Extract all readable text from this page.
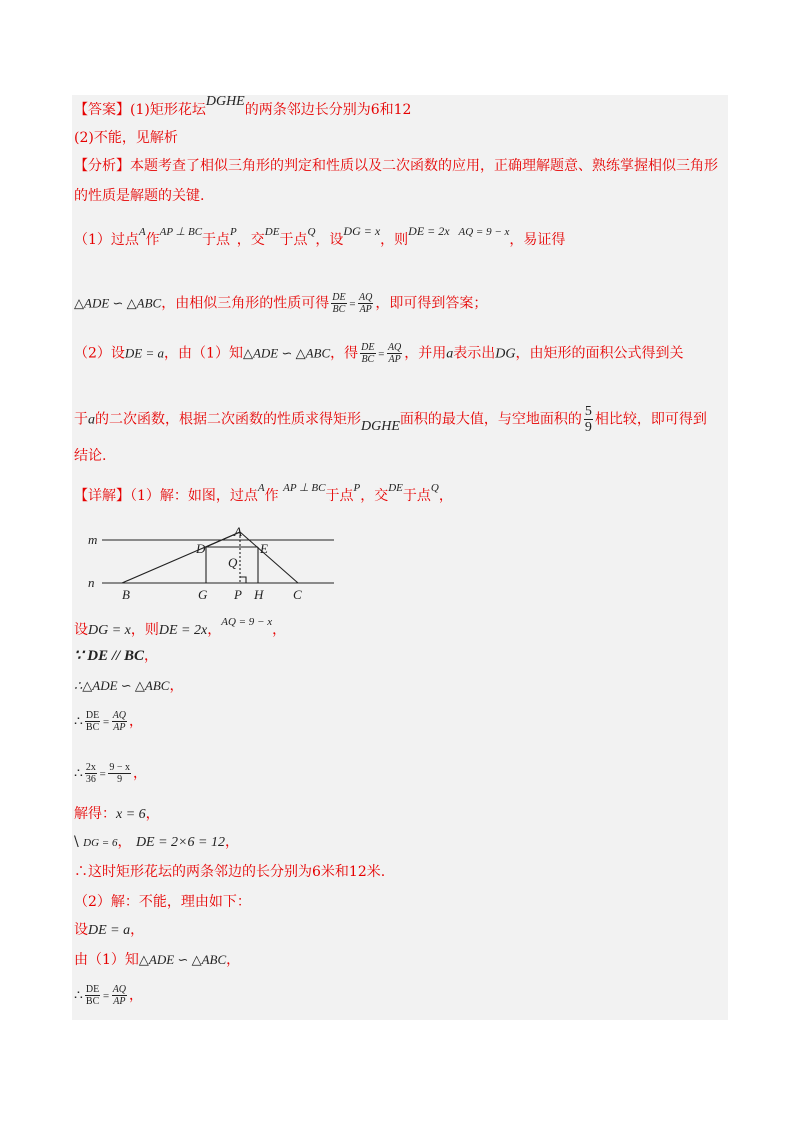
【答案】(1)矩形花坛DGHE的两条邻边长分别为6和12
(2)不能，见解析
【分析】本题考查了相似三角形的判定和性质以及二次函数的应用，正确理解题意、熟练掌握相似三角形
的性质是解题的关键.
（1）过点$^A$作$^{AP \perp BC}$于点$^P$，交$^{DE}$于点$^Q$，设DG = x，则DE = 2x $^{AQ = 9 - x}$，易证得
△ADE ∽ △ABC，由相似三角形的性质可得 $\frac{DE}{BC} = \frac{AQ}{AP}$ ，即可得到答案；
（2）设DE = a，由（1）知△ADE ∽ △ABC，得 $\frac{DE}{BC} = \frac{AQ}{AP}$ ，并用a表示出DG，由矩形的面积公式得到关
于a的二次函数，根据二次函数的性质求得矩形DGHE面积的最大值，与空地面积的 $\frac{5}{9}$ 相比较，即可得到
结论.
【详解】（1）解：如图，过点$^A$作 $^{AP \perp BC}$于点$^P$，交$^{DE}$于点$^Q$，
m
n
A
D	E
Q
B	G P H C
设DG = x，则DE = 2x，$^{AQ = 9 - x}$，
∵ DE // BC，
∴△ADE ∽ △ABC，
∴ $\frac{DE}{BC} = \frac{AQ}{AP}$ ，
∴ $\frac{2x}{36} = \frac{9 - x}{9}$ ，
解得：x = 6，
\ DG = 6， DE = 2×6 = 12，
∴这时矩形花坛的两条邻边的长分别为6米和12米.
（2）解：不能，理由如下：
设DE = a，
由（1）知△ADE ∽ △ABC，
∴ $\frac{DE}{BC} = \frac{AQ}{AP}$ ，
